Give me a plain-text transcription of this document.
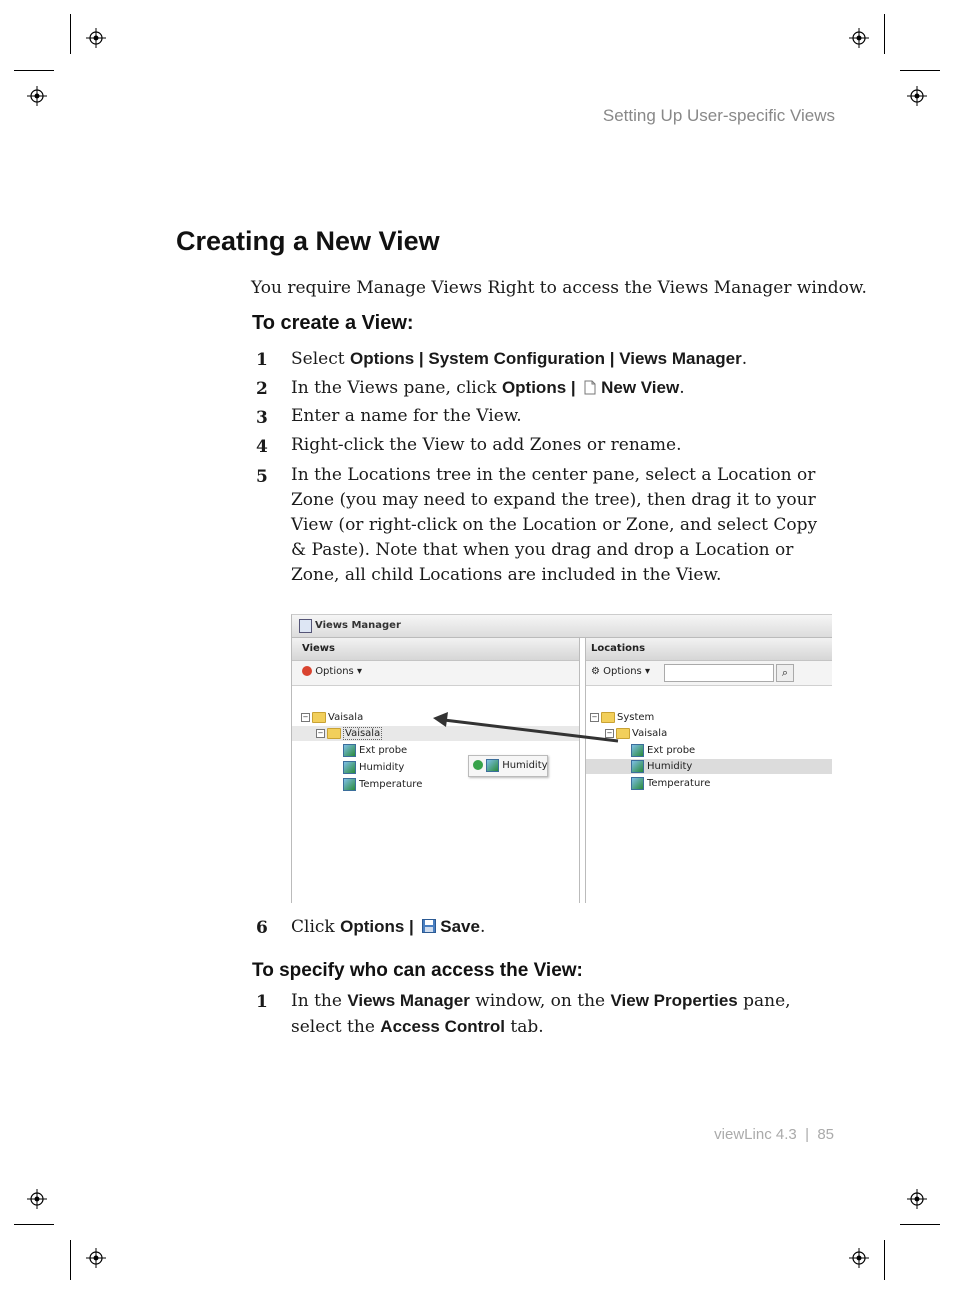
Setting Up User-specific Views
Creating a New View
You require Manage Views Right to access the Views Manager window.
To create a View:
1 Select Options | System Configuration | Views Manager.
2 In the Views pane, click Options |  New View.
3 Enter a name for the View.
4 Right-click the View to add Zones or rename.
5 In the Locations tree in the center pane, select a Location or Zone (you may need to expand the tree), then drag it to your View (or right-click on the Location or Zone, and select Copy & Paste). Note that when you drag and drop a Location or Zone, all child Locations are included in the View.
Views Manager
Views
Options ▾
− Vaisala
− Vaisala
Ext probe
Humidity
Temperature
Humidity
Locations
⚙ Options ▾	⌕
− System
− Vaisala
Ext probe
Humidity
Temperature
6 Click Options |  Save.
To specify who can access the View:
1 In the Views Manager window, on the View Properties pane, select the Access Control tab.
viewLinc 4.3 | 85
